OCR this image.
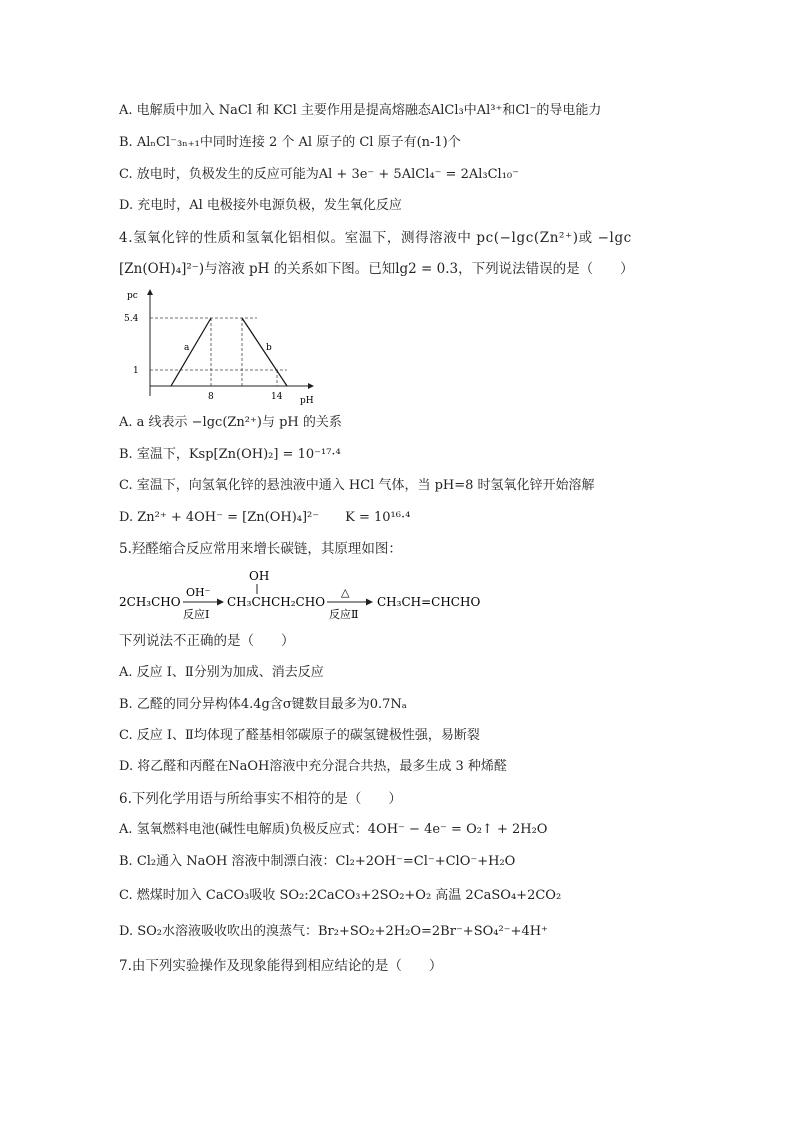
A. 电解质中加入 NaCl 和 KCl 主要作用是提高熔融态AlCl₃中Al³⁺和Cl⁻的导电能力
B. AlₙCl⁻₃ₙ₊₁中同时连接 2 个 Al 原子的 Cl 原子有(n-1)个
C. 放电时，负极发生的反应可能为Al + 3e⁻ + 5AlCl₄⁻ = 2Al₃Cl₁₀⁻
D. 充电时，Al 电极接外电源负极，发生氧化反应
4.氢氧化锌的性质和氢氧化铝相似。室温下，测得溶液中 pc(−lgc(Zn²⁺)或 −lgc
[Zn(OH)₄]²⁻)与溶液 pH 的关系如下图。已知lg2 = 0.3，下列说法错误的是（　　）
pc
5.4
1
8	14 pH
a	b
A. a 线表示 −lgc(Zn²⁺)与 pH 的关系
B. 室温下，Ksp[Zn(OH)₂] = 10⁻¹⁷·⁴
C. 室温下，向氢氧化锌的悬浊液中通入 HCl 气体，当 pH=8 时氢氧化锌开始溶解
D. Zn²⁺ + 4OH⁻ = [Zn(OH)₄]²⁻　　K = 10¹⁶·⁴
5.羟醛缩合反应常用来增长碳链，其原理如图：
2CH₃CHO
OH⁻
反应Ⅰ
OH
CH₃CHCH₂CHO
△
反应Ⅱ
CH₃CH=CHCHO
下列说法不正确的是（　　）
A. 反应 Ⅰ、Ⅱ分别为加成、消去反应
B. 乙醛的同分异构体4.4g含σ键数目最多为0.7Nₐ
C. 反应 Ⅰ、Ⅱ均体现了醛基相邻碳原子的碳氢键极性强，易断裂
D. 将乙醛和丙醛在NaOH溶液中充分混合共热，最多生成 3 种烯醛
6.下列化学用语与所给事实不相符的是（　　）
A. 氢氧燃料电池(碱性电解质)负极反应式：4OH⁻ − 4e⁻ = O₂↑ + 2H₂O
B. Cl₂通入 NaOH 溶液中制漂白液：Cl₂+2OH⁻=Cl⁻+ClO⁻+H₂O
C. 燃煤时加入 CaCO₃吸收 SO₂:2CaCO₃+2SO₂+O₂ 高温 2CaSO₄+2CO₂
D. SO₂水溶液吸收吹出的溴蒸气：Br₂+SO₂+2H₂O=2Br⁻+SO₄²⁻+4H⁺
7.由下列实验操作及现象能得到相应结论的是（　　）
